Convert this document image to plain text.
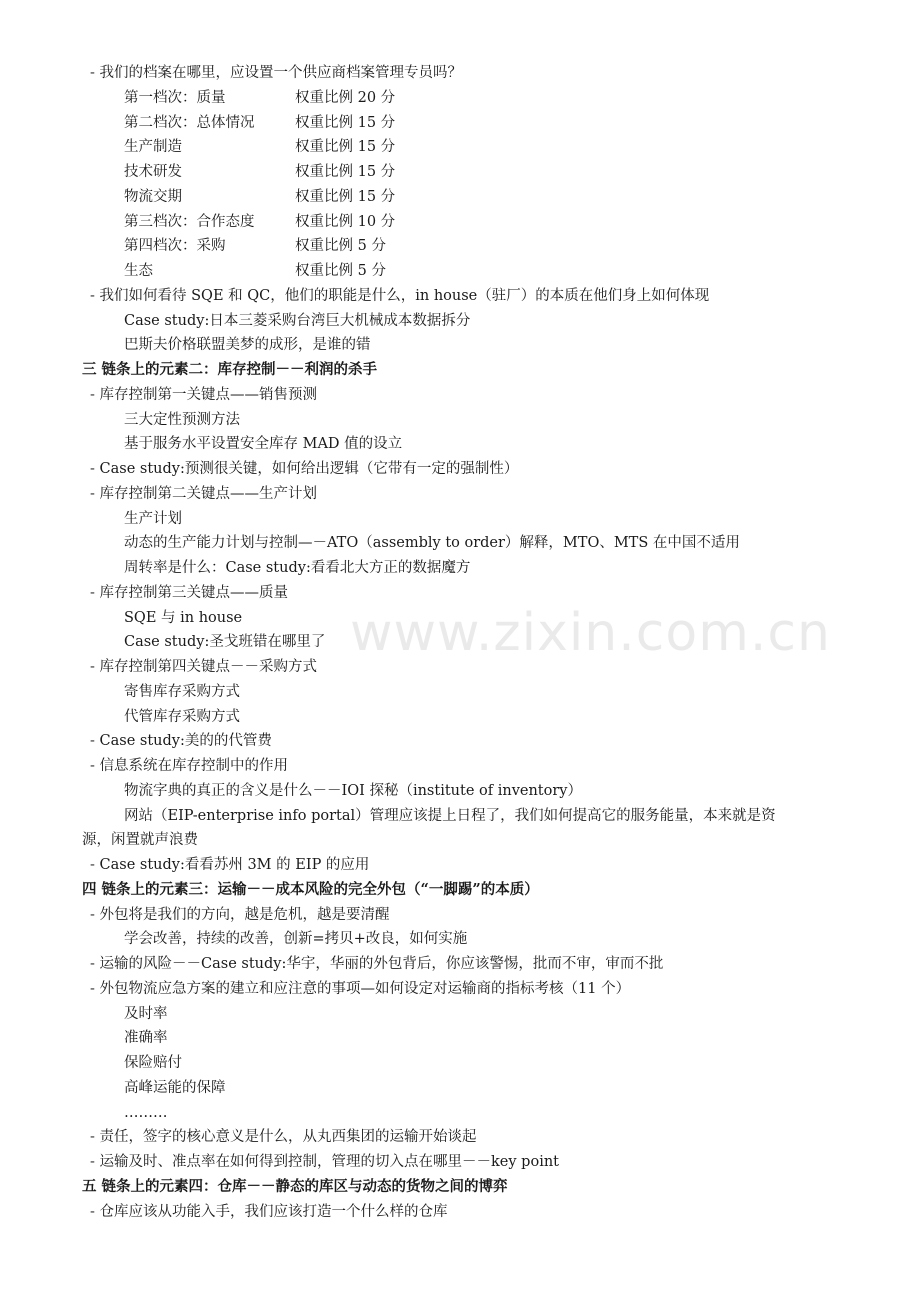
www.zixin.com.cn
- 我们的档案在哪里，应设置一个供应商档案管理专员吗？
第一档次：质量	权重比例 20 分
第二档次：总体情况	权重比例 15 分
生产制造	权重比例 15 分
技术研发	权重比例 15 分
物流交期	权重比例 15 分
第三档次：合作态度	权重比例 10 分
第四档次：采购	权重比例 5 分
生态	权重比例 5 分
- 我们如何看待 SQE 和 QC，他们的职能是什么，in house（驻厂）的本质在他们身上如何体现
Case study:日本三菱采购台湾巨大机械成本数据拆分
巴斯夫价格联盟美梦的成形，是谁的错
三 链条上的元素二：库存控制－－利润的杀手
- 库存控制第一关键点——销售预测
三大定性预测方法
基于服务水平设置安全库存 MAD 值的设立
- Case study:预测很关键，如何给出逻辑（它带有一定的强制性）
- 库存控制第二关键点——生产计划
生产计划
动态的生产能力计划与控制—－ATO（assembly to order）解释，MTO、MTS 在中国不适用
周转率是什么：Case study:看看北大方正的数据魔方
- 库存控制第三关键点——质量
SQE 与 in house
Case study:圣戈班错在哪里了
- 库存控制第四关键点－－采购方式
寄售库存采购方式
代管库存采购方式
- Case study:美的的代管费
- 信息系统在库存控制中的作用
物流字典的真正的含义是什么－－IOI 探秘（institute of inventory）
网站（EIP-enterprise info portal）管理应该提上日程了，我们如何提高它的服务能量，本来就是资
源，闲置就声浪费
- Case study:看看苏州 3M 的 EIP 的应用
四 链条上的元素三：运输－－成本风险的完全外包（“一脚踢”的本质）
- 外包将是我们的方向，越是危机，越是要清醒
学会改善，持续的改善，创新=拷贝+改良，如何实施
- 运输的风险－－Case study:华宇，华丽的外包背后，你应该警惕，批而不审，审而不批
- 外包物流应急方案的建立和应注意的事项—如何设定对运输商的指标考核（11 个）
及时率
准确率
保险赔付
高峰运能的保障
………
- 责任，签字的核心意义是什么，从丸西集团的运输开始谈起
- 运输及时、准点率在如何得到控制，管理的切入点在哪里－－key point
五 链条上的元素四：仓库－－静态的库区与动态的货物之间的博弈
- 仓库应该从功能入手，我们应该打造一个什么样的仓库
